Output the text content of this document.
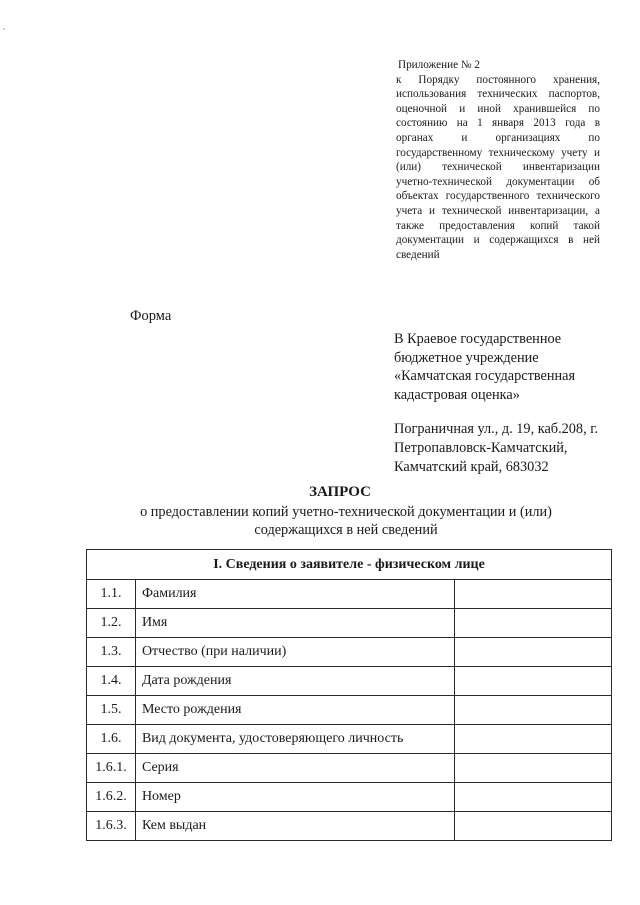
,
Приложение № 2
к Порядку постоянного хранения, использования технических паспортов, оценочной и иной хранившейся по состоянию на 1 января 2013 года в органах и организациях по государственному техническому учету и (или) технической инвентаризации учетно-технической документации об объектах государственного технического учета и технической инвентаризации, а также предоставления копий такой документации и содержащихся в ней сведений
Форма
В Краевое государственное бюджетное учреждение «Камчатская государственная кадастровая оценка»
Пограничная ул., д. 19, каб.208, г. Петропавловск-Камчатский, Камчатский край, 683032
ЗАПРОС
о предоставлении копий учетно-технической документации и (или) содержащихся в ней сведений
I. Сведения о заявителе - физическом лице		
1.1.	Фамилия	
1.2.	Имя	
1.3.	Отчество (при наличии)	
1.4.	Дата рождения	
1.5.	Место рождения	
1.6.	Вид документа, удостоверяющего личность	
1.6.1.	Серия	
1.6.2.	Номер	
1.6.3.	Кем выдан	
